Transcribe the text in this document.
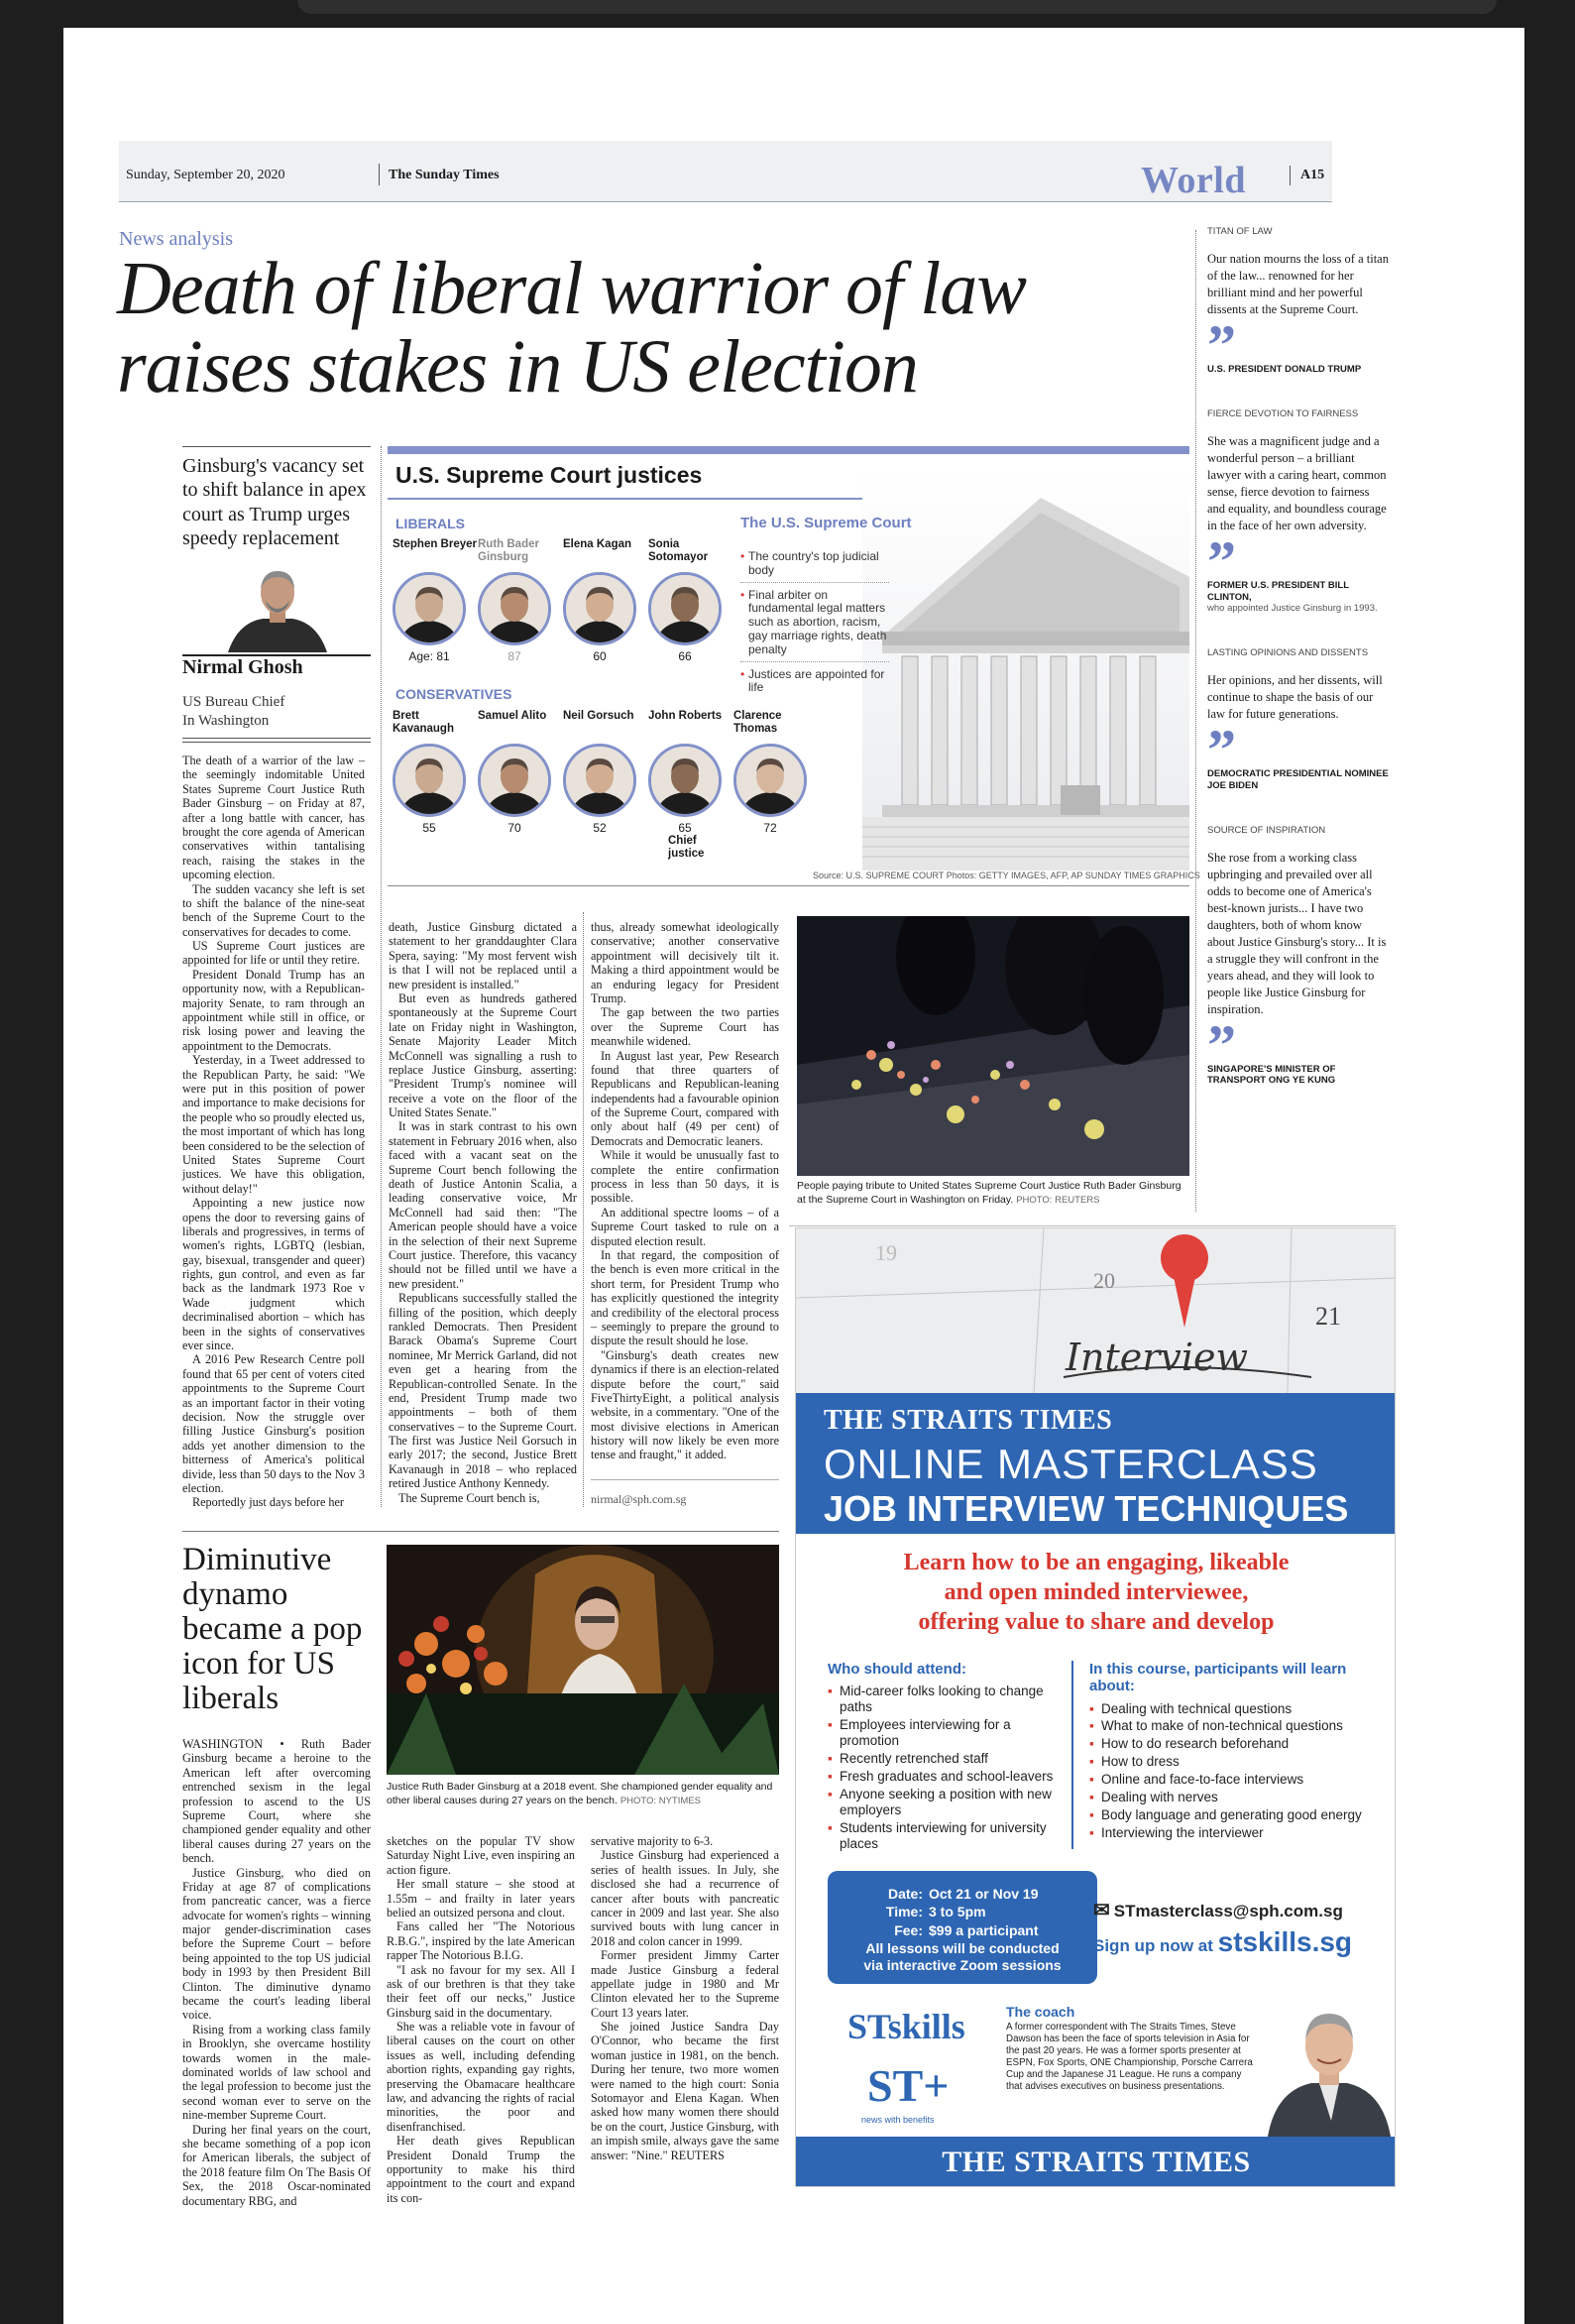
Sunday, September 20, 2020	The Sunday Times	World	A15
News analysis
Death of liberal warrior of law raises stakes in US election
Ginsburg's vacancy set to shift balance in apex court as Trump urges speedy replacement
Nirmal Ghosh
US Bureau Chief
In Washington

The death of a warrior of the law – the seemingly indomitable United States Supreme Court Justice Ruth Bader Ginsburg – on Friday at 87, after a long battle with cancer, has brought the core agenda of American conservatives within tantalising reach, raising the stakes in the upcoming election.

The sudden vacancy she left is set to shift the balance of the nine-seat bench of the Supreme Court to the conservatives for decades to come.

US Supreme Court justices are appointed for life or until they retire.

President Donald Trump has an opportunity now, with a Republican-majority Senate, to ram through an appointment while still in office, or risk losing power and leaving the appointment to the Democrats.

Yesterday, in a Tweet addressed to the Republican Party, he said: "We were put in this position of power and importance to make decisions for the people who so proudly elected us, the most important of which has long been considered to be the selection of United States Supreme Court justices. We have this obligation, without delay!"

Appointing a new justice now opens the door to reversing gains of liberals and progressives, in terms of women's rights, LGBTQ (lesbian, gay, bisexual, transgender and queer) rights, gun control, and even as far back as the landmark 1973 Roe v Wade judgment which decriminalised abortion – which has been in the sights of conservatives ever since.

A 2016 Pew Research Centre poll found that 65 per cent of voters cited appointments to the Supreme Court as an important factor in their voting decision. Now the struggle over filling Justice Ginsburg's position adds yet another dimension to the bitterness of America's political divide, less than 50 days to the Nov 3 election.

Reportedly just days before her

U.S. Supreme Court justices
LIBERALS
CONSERVATIVES
The U.S. Supreme Court
• The country's top judicial body
• Final arbiter on fundamental legal matters such as abortion, racism, gay marriage rights, death penalty
• Justices are appointed for life
Source: U.S. SUPREME COURT Photos: GETTY IMAGES, AFP, AP SUNDAY TIMES GRAPHICS

death, Justice Ginsburg dictated a statement to her granddaughter Clara Spera, saying: "My most fervent wish is that I will not be replaced until a new president is installed."

But even as hundreds gathered spontaneously at the Supreme Court late on Friday night in Washington, Senate Majority Leader Mitch McConnell was signalling a rush to replace Justice Ginsburg, asserting: "President Trump's nominee will receive a vote on the floor of the United States Senate."

It was in stark contrast to his own statement in February 2016 when, also faced with a vacant seat on the Supreme Court bench following the death of Justice Antonin Scalia, a leading conservative voice, Mr McConnell had said then: "The American people should have a voice in the selection of their next Supreme Court justice. Therefore, this vacancy should not be filled until we have a new president."

Republicans successfully stalled the filling of the position, which deeply rankled Democrats. Then President Barack Obama's Supreme Court nominee, Mr Merrick Garland, did not even get a hearing from the Republican-controlled Senate. In the end, President Trump made two appointments – both of them conservatives – to the Supreme Court. The first was Justice Neil Gorsuch in early 2017; the second, Justice Brett Kavanaugh in 2018 – who replaced retired Justice Anthony Kennedy.

The Supreme Court bench is,

thus, already somewhat ideologically conservative; another conservative appointment will decisively tilt it. Making a third appointment would be an enduring legacy for President Trump.

The gap between the two parties over the Supreme Court has meanwhile widened.

In August last year, Pew Research found that three quarters of Republicans and Republican-leaning independents had a favourable opinion of the Supreme Court, compared with only about half (49 per cent) of Democrats and Democratic leaners.

While it would be unusually fast to complete the entire confirmation process in less than 50 days, it is possible.

An additional spectre looms – of a Supreme Court tasked to rule on a disputed election result.

In that regard, the composition of the bench is even more critical in the short term, for President Trump who has explicitly questioned the integrity and credibility of the electoral process – seemingly to prepare the ground to dispute the result should he lose.

"Ginsburg's death creates new dynamics if there is an election-related dispute before the court," said FiveThirtyEight, a political analysis website, in a commentary. "One of the most divisive elections in American history will now likely be even more tense and fraught," it added.

nirmal@sph.com.sg
People paying tribute to United States Supreme Court Justice Ruth Bader Ginsburg at the Supreme Court in Washington on Friday. PHOTO: REUTERS
TITAN OF LAW
Our nation mourns the loss of a titan of the law... renowned for her brilliant mind and her powerful dissents at the Supreme Court.
”
U.S. PRESIDENT DONALD TRUMP
FIERCE DEVOTION TO FAIRNESS
She was a magnificent judge and a wonderful person – a brilliant lawyer with a caring heart, common sense, fierce devotion to fairness and equality, and boundless courage in the face of her own adversity.
”
FORMER U.S. PRESIDENT BILL CLINTON,
who appointed Justice Ginsburg in 1993.
LASTING OPINIONS AND DISSENTS
Her opinions, and her dissents, will continue to shape the basis of our law for future generations.
”
DEMOCRATIC PRESIDENTIAL NOMINEE JOE BIDEN
SOURCE OF INSPIRATION
She rose from a working class upbringing and prevailed over all odds to become one of America's best-known jurists... I have two daughters, both of whom know about Justice Ginsburg's story... It is a struggle they will confront in the years ahead, and they will look to people like Justice Ginsburg for inspiration.
”
SINGAPORE'S MINISTER OF TRANSPORT ONG YE KUNG
19
20
21
Interview
THE STRAITS TIMES
ONLINE MASTERCLASS
JOB INTERVIEW TECHNIQUES
Learn how to be an engaging, likeable
and open minded interviewee,
offering value to share and develop
Who should attend:
▪ Mid-career folks looking to change paths
▪ Employees interviewing for a promotion
▪ Recently retrenched staff
▪ Fresh graduates and school-leavers
▪ Anyone seeking a position with new employers
▪ Students interviewing for university places
In this course, participants will learn about:
▪ Dealing with technical questions
▪ What to make of non-technical questions
▪ How to do research beforehand
▪ How to dress
▪ Online and face-to-face interviews
▪ Dealing with nerves
▪ Body language and generating good energy
▪ Interviewing the interviewer
Date: Oct 21 or Nov 19
Time: 3 to 5pm
Fee: $99 a participant
All lessons will be conducted
via interactive Zoom sessions
✉ STmasterclass@sph.com.sg
Sign up now at stskills.sg
STskills
ST+
news with benefits
The coach
A former correspondent with The Straits Times, Steve Dawson has been the face of sports television in Asia for the past 20 years. He was a former sports presenter at ESPN, Fox Sports, ONE Championship, Porsche Carrera Cup and the Japanese J1 League. He runs a company that advises executives on business presentations.
THE STRAITS TIMES
Diminutive dynamo became a pop icon for US liberals
Justice Ruth Bader Ginsburg at a 2018 event. She championed gender equality and other liberal causes during 27 years on the bench. PHOTO: NYTIMES

WASHINGTON • Ruth Bader Ginsburg became a heroine to the American left after overcoming entrenched sexism in the legal profession to ascend to the US Supreme Court, where she championed gender equality and other liberal causes during 27 years on the bench.

Justice Ginsburg, who died on Friday at age 87 of complications from pancreatic cancer, was a fierce advocate for women's rights – winning major gender-discrimination cases before the Supreme Court – before being appointed to the top US judicial body in 1993 by then President Bill Clinton. The diminutive dynamo became the court's leading liberal voice.

Rising from a working class family in Brooklyn, she overcame hostility towards women in the male-dominated worlds of law school and the legal profession to become just the second woman ever to serve on the nine-member Supreme Court.

During her final years on the court, she became something of a pop icon for American liberals, the subject of the 2018 feature film On The Basis Of Sex, the 2018 Oscar-nominated documentary RBG, and

sketches on the popular TV show Saturday Night Live, even inspiring an action figure.

Her small stature – she stood at 1.55m – and frailty in later years belied an outsized persona and clout.

Fans called her "The Notorious R.B.G.", inspired by the late American rapper The Notorious B.I.G.

"I ask no favour for my sex. All I ask of our brethren is that they take their feet off our necks," Justice Ginsburg said in the documentary.

She was a reliable vote in favour of liberal causes on the court on other issues as well, including defending abortion rights, expanding gay rights, preserving the Obamacare healthcare law, and advancing the rights of racial minorities, the poor and disenfranchised.

Her death gives Republican President Donald Trump the opportunity to make his third appointment to the court and expand its con-

servative majority to 6-3.

Justice Ginsburg had experienced a series of health issues. In July, she disclosed she had a recurrence of cancer after bouts with pancreatic cancer in 2009 and last year. She also survived bouts with lung cancer in 2018 and colon cancer in 1999.

Former president Jimmy Carter made Justice Ginsburg a federal appellate judge in 1980 and Mr Clinton elevated her to the Supreme Court 13 years later.

She joined Justice Sandra Day O'Connor, who became the first woman justice in 1981, on the bench. During her tenure, two more women were named to the high court: Sonia Sotomayor and Elena Kagan. When asked how many women there should be on the court, Justice Ginsburg, with an impish smile, always gave the same answer: "Nine." REUTERS

Stephen Breyer
Age: 81
Ruth Bader Ginsburg
87
Elena Kagan
60
Sonia Sotomayor
66
Brett Kavanaugh
55
Samuel Alito
70
Neil Gorsuch
52
John Roberts
65
Chief justice
Clarence Thomas
72
